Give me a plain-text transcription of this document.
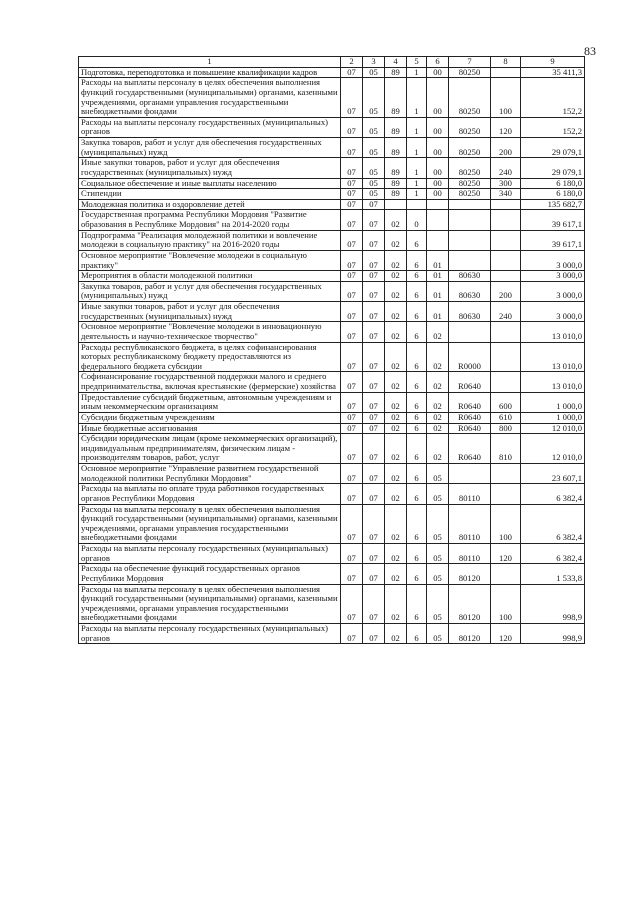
83
1	2	3	4	5	6	7	8	9
Подготовка, переподготовка и повышение квалификации кадров	07	05	89	1	00	80250		35 411,3
Расходы на выплаты персоналу в целях обеспечения выполнения функций государственными (муниципальными) органами, казенными учреждениями, органами управления государственными внебюджетными фондами	07	05	89	1	00	80250	100	152,2
Расходы на выплаты персоналу государственных (муниципальных) органов	07	05	89	1	00	80250	120	152,2
Закупка товаров, работ и услуг для обеспечения государственных (муниципальных) нужд	07	05	89	1	00	80250	200	29 079,1
Иные закупки товаров, работ и услуг для обеспечения государственных (муниципальных) нужд	07	05	89	1	00	80250	240	29 079,1
Социальное обеспечение и иные выплаты населению	07	05	89	1	00	80250	300	6 180,0
Стипендии	07	05	89	1	00	80250	340	6 180,0
Молодежная политика и оздоровление детей	07	07						135 682,7
Государственная программа Республики Мордовия "Развитие образования в Республике Мордовия" на 2014-2020 годы	07	07	02	0				39 617,1
Подпрограмма "Реализация молодежной политики и вовлечение молодежи в социальную практику" на 2016-2020 годы	07	07	02	6				39 617,1
Основное мероприятие "Вовлечение молодежи в социальную практику"	07	07	02	6	01			3 000,0
Мероприятия в области молодежной политики	07	07	02	6	01	80630		3 000,0
Закупка товаров, работ и услуг для обеспечения государственных (муниципальных) нужд	07	07	02	6	01	80630	200	3 000,0
Иные закупки товаров, работ и услуг для обеспечения государственных (муниципальных) нужд	07	07	02	6	01	80630	240	3 000,0
Основное мероприятие "Вовлечение молодежи в инновационную деятельность и научно-техническое творчество"	07	07	02	6	02			13 010,0
Расходы республиканского бюджета, в целях софинансирования которых республиканскому бюджету предоставляются из федерального бюджета субсидии	07	07	02	6	02	R0000		13 010,0
Софинансирование государственной поддержки малого и среднего предпринимательства, включая крестьянские (фермерские) хозяйства	07	07	02	6	02	R0640		13 010,0
Предоставление субсидий бюджетным, автономным учреждениям и иным некоммерческим организациям	07	07	02	6	02	R0640	600	1 000,0
Субсидии бюджетным учреждениям	07	07	02	6	02	R0640	610	1 000,0
Иные бюджетные ассигнования	07	07	02	6	02	R0640	800	12 010,0
Субсидии юридическим лицам (кроме некоммерческих организаций), индивидуальным предпринимателям, физическим лицам - производителям товаров, работ, услуг	07	07	02	6	02	R0640	810	12 010,0
Основное мероприятие "Управление развитием государственной молодежной политики Республики Мордовия"	07	07	02	6	05			23 607,1
Расходы на выплаты по оплате труда работников государственных органов Республики Мордовия	07	07	02	6	05	80110		6 382,4
Расходы на выплаты персоналу в целях обеспечения выполнения функций государственными (муниципальными) органами, казенными учреждениями, органами управления государственными внебюджетными фондами	07	07	02	6	05	80110	100	6 382,4
Расходы на выплаты персоналу государственных (муниципальных) органов	07	07	02	6	05	80110	120	6 382,4
Расходы на обеспечение функций государственных органов Республики Мордовия	07	07	02	6	05	80120		1 533,8
Расходы на выплаты персоналу в целях обеспечения выполнения функций государственными (муниципальными) органами, казенными учреждениями, органами управления государственными внебюджетными фондами	07	07	02	6	05	80120	100	998,9
Расходы на выплаты персоналу государственных (муниципальных) органов	07	07	02	6	05	80120	120	998,9
